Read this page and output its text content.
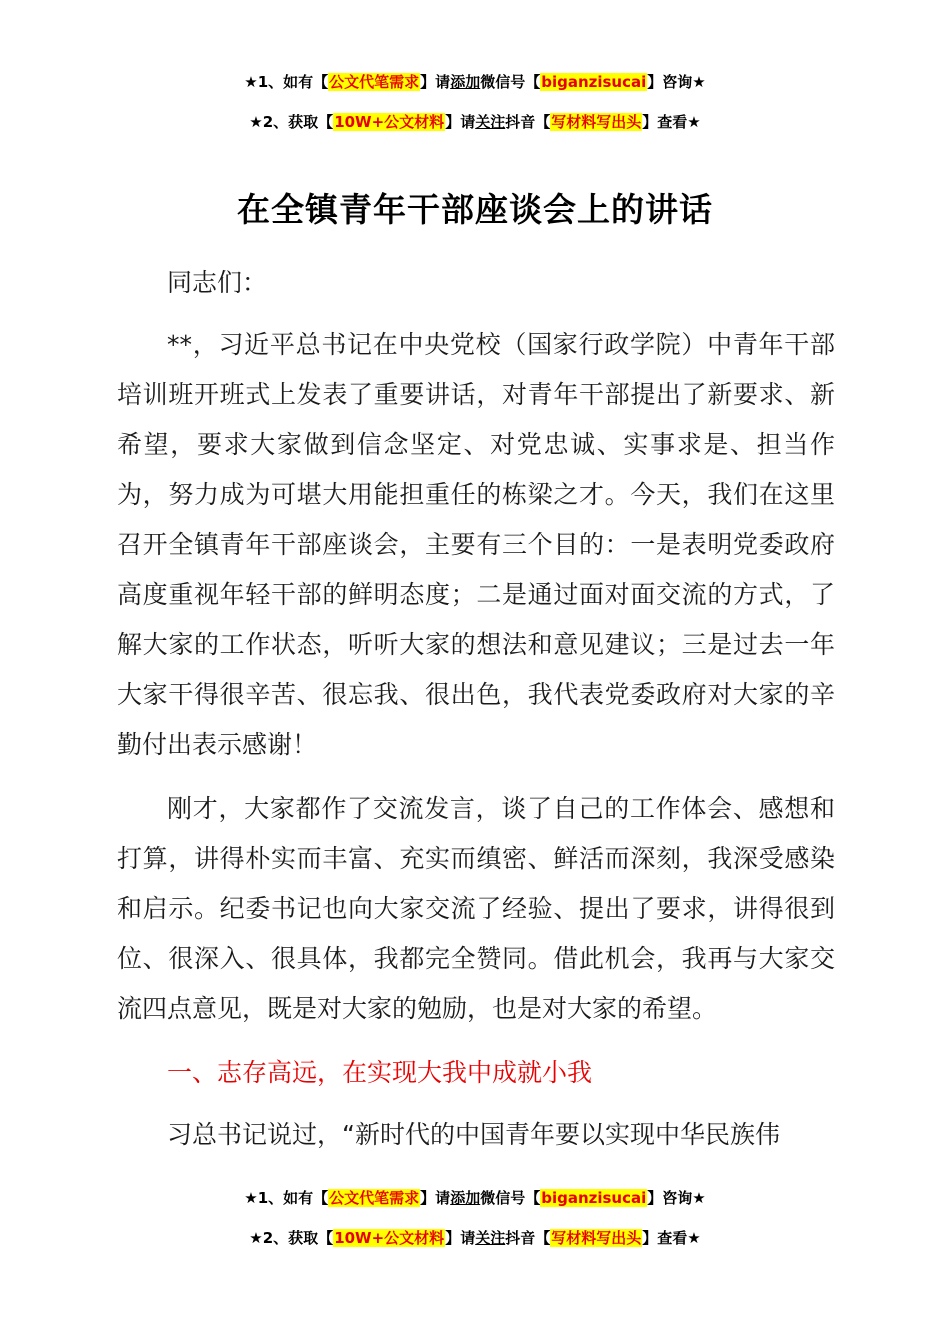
★1、如有【公文代笔需求】请添加微信号【biganzisucai】咨询★
★2、获取【10W+公文材料】请关注抖音【写材料写出头】查看★
在全镇青年干部座谈会上的讲话

同志们：

**，习近平总书记在中央党校（国家行政学院）中青年干部培训班开班式上发表了重要讲话，对青年干部提出了新要求、新希望，要求大家做到信念坚定、对党忠诚、实事求是、担当作为，努力成为可堪大用能担重任的栋梁之才。今天，我们在这里召开全镇青年干部座谈会，主要有三个目的：一是表明党委政府高度重视年轻干部的鲜明态度；二是通过面对面交流的方式，了解大家的工作状态，听听大家的想法和意见建议；三是过去一年大家干得很辛苦、很忘我、很出色，我代表党委政府对大家的辛勤付出表示感谢！

刚才，大家都作了交流发言，谈了自己的工作体会、感想和打算，讲得朴实而丰富、充实而缜密、鲜活而深刻，我深受感染和启示。纪委书记也向大家交流了经验、提出了要求，讲得很到位、很深入、很具体，我都完全赞同。借此机会，我再与大家交流四点意见，既是对大家的勉励，也是对大家的希望。

一、志存高远，在实现大我中成就小我

习总书记说过，“新时代的中国青年要以实现中华民族伟

★1、如有【公文代笔需求】请添加微信号【biganzisucai】咨询★
★2、获取【10W+公文材料】请关注抖音【写材料写出头】查看★
